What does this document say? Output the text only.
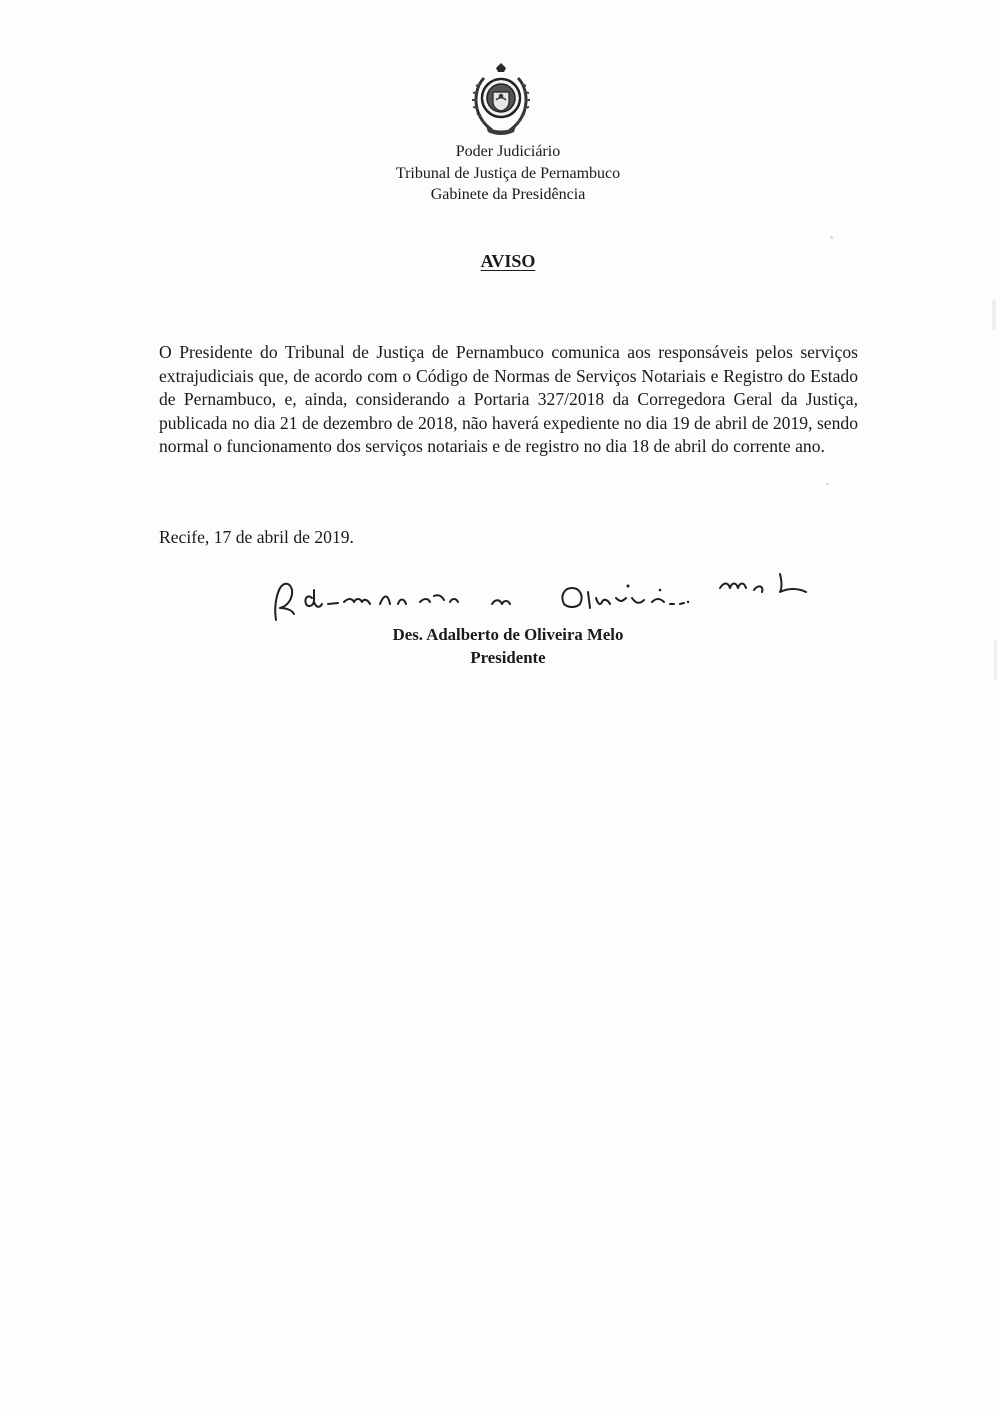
Poder Judiciário
Tribunal de Justiça de Pernambuco
Gabinete da Presidência
AVISO
O Presidente do Tribunal de Justiça de Pernambuco comunica aos responsáveis pelos serviços extrajudiciais que, de acordo com o Código de Normas de Serviços Notariais e Registro do Estado de Pernambuco, e, ainda, considerando a Portaria 327/2018 da Corregedora Geral da Justiça, publicada no dia 21 de dezembro de 2018, não haverá expediente no dia 19 de abril de 2019, sendo normal o funcionamento dos serviços notariais e de registro no dia 18 de abril do corrente ano.
Recife, 17 de abril de 2019.
Des. Adalberto de Oliveira Melo
Presidente
